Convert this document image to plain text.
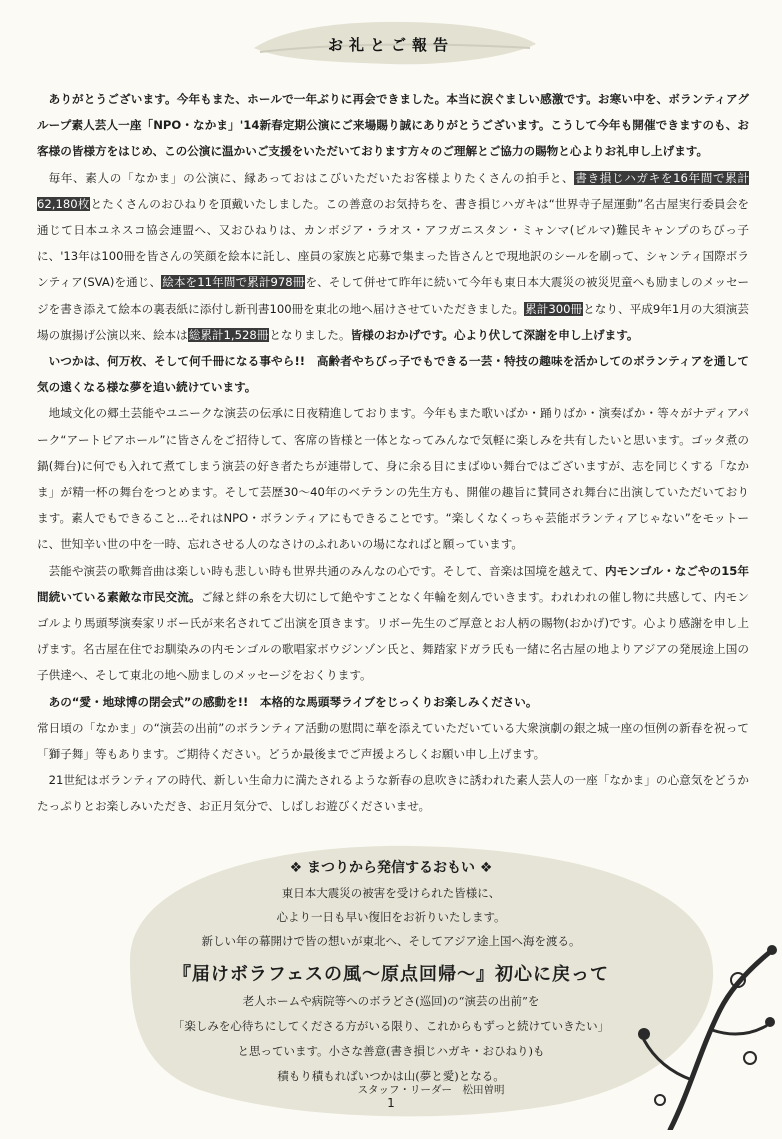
お礼とご報告

ありがとうございます。今年もまた、ホールで一年ぶりに再会できました。本当に涙ぐましい感激です。お寒い中を、ボランティアグループ素人芸人一座「NPO・なかま」'14新春定期公演にご来場賜り誠にありがとうございます。こうして今年も開催できますのも、お客様の皆様方をはじめ、この公演に温かいご支援をいただいております方々のご理解とご協力の賜物と心よりお礼申し上げます。

毎年、素人の「なかま」の公演に、縁あっておはこびいただいたお客様よりたくさんの拍手と、書き損じハガキを16年間で累計62,180枚とたくさんのおひねりを頂戴いたしました。この善意のお気持ちを、書き損じハガキは“世界寺子屋運動”名古屋実行委員会を通じて日本ユネスコ協会連盟へ、又おひねりは、カンボジア・ラオス・アフガニスタン・ミャンマ(ビルマ)難民キャンプのちびっ子に、'13年は100冊を皆さんの笑顔を絵本に託し、座員の家族と応募で集まった皆さんとで現地訳のシールを刷って、シャンティ国際ボランティア(SVA)を通じ、絵本を11年間で累計978冊を、そして併せて昨年に続いて今年も東日本大震災の被災児童へも励ましのメッセージを書き添えて絵本の裏表紙に添付し新刊書100冊を東北の地へ届けさせていただきました。累計300冊となり、平成9年1月の大須演芸場の旗揚げ公演以来、絵本は総累計1,528冊となりました。皆様のおかげです。心より伏して深謝を申し上げます。

いつかは、何万枚、そして何千冊になる事やら!!　高齢者やちびっ子でもできる一芸・特技の趣味を活かしてのボランティアを通して気の遠くなる様な夢を追い続けています。

地域文化の郷土芸能やユニークな演芸の伝承に日夜精進しております。今年もまた歌いばか・踊りばか・演奏ばか・等々がナディアパーク“アートピアホール”に皆さんをご招待して、客席の皆様と一体となってみんなで気軽に楽しみを共有したいと思います。ゴッタ煮の鍋(舞台)に何でも入れて煮てしまう演芸の好き者たちが連帯して、身に余る目にまばゆい舞台ではございますが、志を同じくする「なかま」が精一杯の舞台をつとめます。そして芸歴30～40年のベテランの先生方も、開催の趣旨に賛同され舞台に出演していただいております。素人でもできること…それはNPO・ボランティアにもできることです。“楽しくなくっちゃ芸能ボランティアじゃない”をモットーに、世知辛い世の中を一時、忘れさせる人のなさけのふれあいの場になればと願っています。

芸能や演芸の歌舞音曲は楽しい時も悲しい時も世界共通のみんなの心です。そして、音楽は国境を越えて、内モンゴル・なごやの15年間続いている素敵な市民交流。ご縁と絆の糸を大切にして絶やすことなく年輪を刻んでいきます。われわれの催し物に共感して、内モンゴルより馬頭琴演奏家リボー氏が来名されてご出演を頂きます。リボー先生のご厚意とお人柄の賜物(おかげ)です。心より感謝を申し上げます。名古屋在住でお馴染みの内モンゴルの歌唱家ボウジンゾン氏と、舞踏家ドガラ氏も一緒に名古屋の地よりアジアの発展途上国の子供達へ、そして東北の地へ励ましのメッセージをおくります。

あの“愛・地球博の閉会式”の感動を!!　本格的な馬頭琴ライブをじっくりお楽しみください。

常日頃の「なかま」の“演芸の出前”のボランティア活動の慰問に華を添えていただいている大衆演劇の銀之城一座の恒例の新春を祝って「獅子舞」等もあります。ご期待ください。どうか最後までご声援よろしくお願い申し上げます。

21世紀はボランティアの時代、新しい生命力に満たされるような新春の息吹きに誘われた素人芸人の一座「なかま」の心意気をどうかたっぷりとお楽しみいただき、お正月気分で、しばしお遊びくださいませ。

❖ まつりから発信するおもい ❖
東日本大震災の被害を受けられた皆様に、
心より一日も早い復旧をお祈りいたします。
新しい年の幕開けで皆の想いが東北へ、そしてアジア途上国へ海を渡る。
『届けボラフェスの風～原点回帰～』初心に戻って
老人ホームや病院等へのボラどさ(巡回)の“演芸の出前”を
「楽しみを心待ちにしてくださる方がいる限り、これからもずっと続けていきたい」
と思っています。小さな善意(書き損じハガキ・おひねり)も
積もり積もればいつかは山(夢と愛)となる。
スタッフ・リーダー　松田曽明
1
